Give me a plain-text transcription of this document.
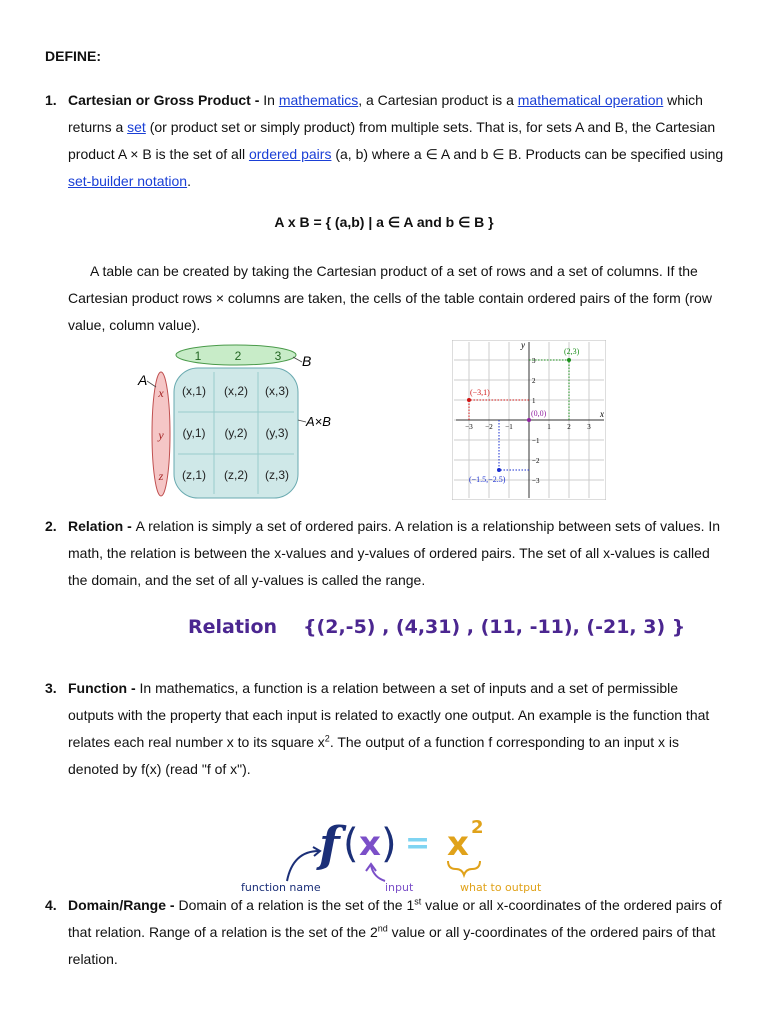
DEFINE:
1. Cartesian or Gross Product - In mathematics, a Cartesian product is a mathematical operation which returns a set (or product set or simply product) from multiple sets. That is, for sets A and B, the Cartesian product A × B is the set of all ordered pairs (a, b) where a ∈ A and b ∈ B. Products can be specified using set-builder notation.
A x B = { (a,b) | a ∈ A and b ∈ B }
A table can be created by taking the Cartesian product of a set of rows and a set of columns. If the Cartesian product rows × columns are taken, the cells of the table contain ordered pairs of the form (row value, column value).
1	2	3
x
y
z
A
B
A×B
(x,1) (x,2) (x,3)
(y,1) (y,2) (y,3)
(z,1) (z,2) (z,3)
x
y
−3 −2 −1	1 2 3
3
2
1
−1
−2
−3
(2,3)
(−3,1)
(0,0)
(−1.5,−2.5)
2. Relation - A relation is simply a set of ordered pairs. A relation is a relationship between sets of values. In math, the relation is between the x-values and y-values of ordered pairs. The set of all x-values is called the domain, and the set of all y-values is called the range.
Relation {(2,-5) , (4,31) , (11, -11), (-21, 3) }
3. Function - In mathematics, a function is a relation between a set of inputs and a set of permissible outputs with the property that each input is related to exactly one output. An example is the function that relates each real number x to its square $x^2$. The output of a function f corresponding to an input x is denoted by f(x) (read "f of x").
f ( x ) = x 2
function name	input	what to output
4. Domain/Range - Domain of a relation is the set of the 1st value or all x-coordinates of the ordered pairs of that relation. Range of a relation is the set of the 2nd value or all y-coordinates of the ordered pairs of that relation.
